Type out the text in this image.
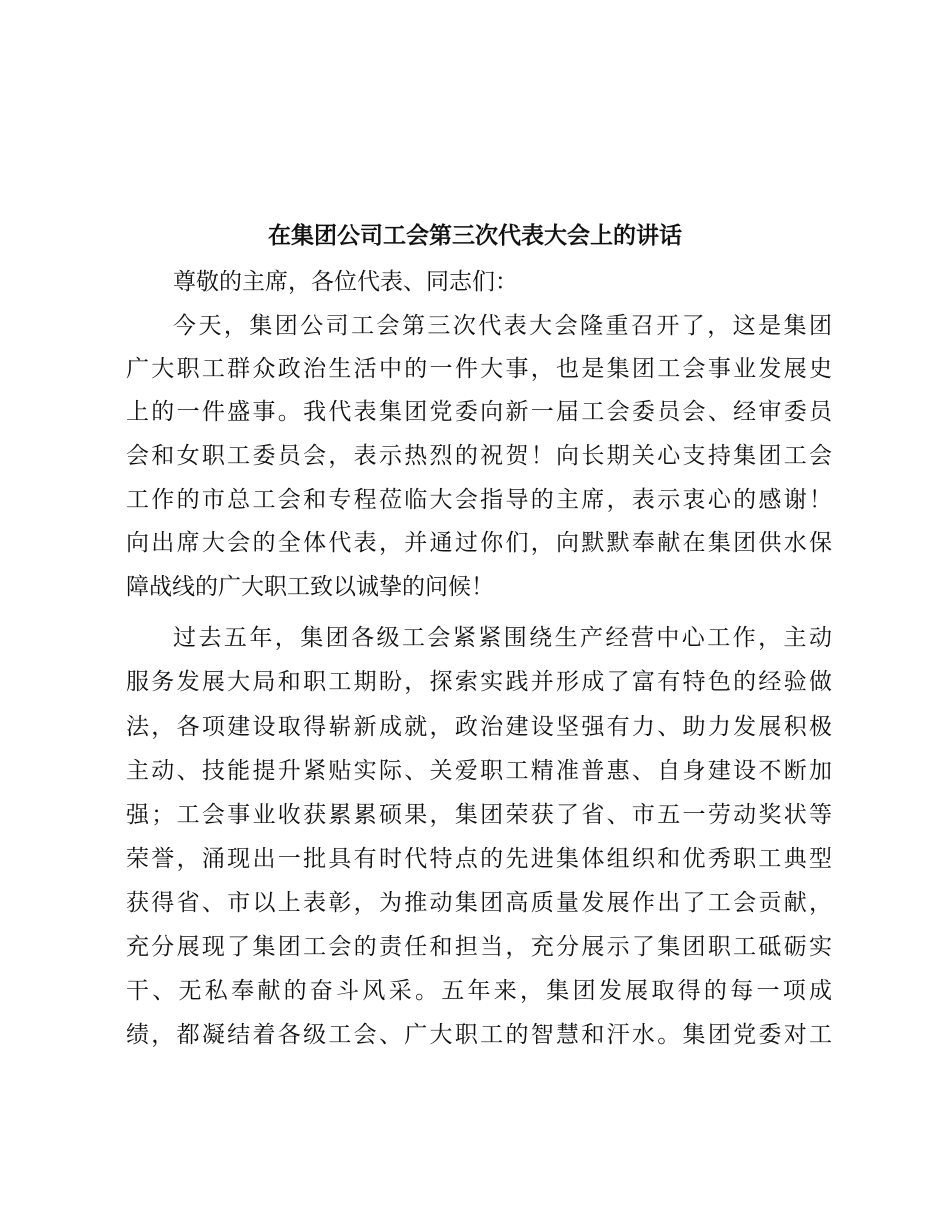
在集团公司工会第三次代表大会上的讲话

尊敬的主席，各位代表、同志们：

今天，集团公司工会第三次代表大会隆重召开了，这是集团

广大职工群众政治生活中的一件大事，也是集团工会事业发展史

上的一件盛事。我代表集团党委向新一届工会委员会、经审委员

会和女职工委员会，表示热烈的祝贺！向长期关心支持集团工会

工作的市总工会和专程莅临大会指导的主席，表示衷心的感谢！

向出席大会的全体代表，并通过你们，向默默奉献在集团供水保

障战线的广大职工致以诚挚的问候！

过去五年，集团各级工会紧紧围绕生产经营中心工作，主动

服务发展大局和职工期盼，探索实践并形成了富有特色的经验做

法，各项建设取得崭新成就，政治建设坚强有力、助力发展积极

主动、技能提升紧贴实际、关爱职工精准普惠、自身建设不断加

强；工会事业收获累累硕果，集团荣获了省、市五一劳动奖状等

荣誉，涌现出一批具有时代特点的先进集体组织和优秀职工典型

获得省、市以上表彰，为推动集团高质量发展作出了工会贡献，

充分展现了集团工会的责任和担当，充分展示了集团职工砥砺实

干、无私奉献的奋斗风采。五年来，集团发展取得的每一项成

绩，都凝结着各级工会、广大职工的智慧和汗水。集团党委对工
